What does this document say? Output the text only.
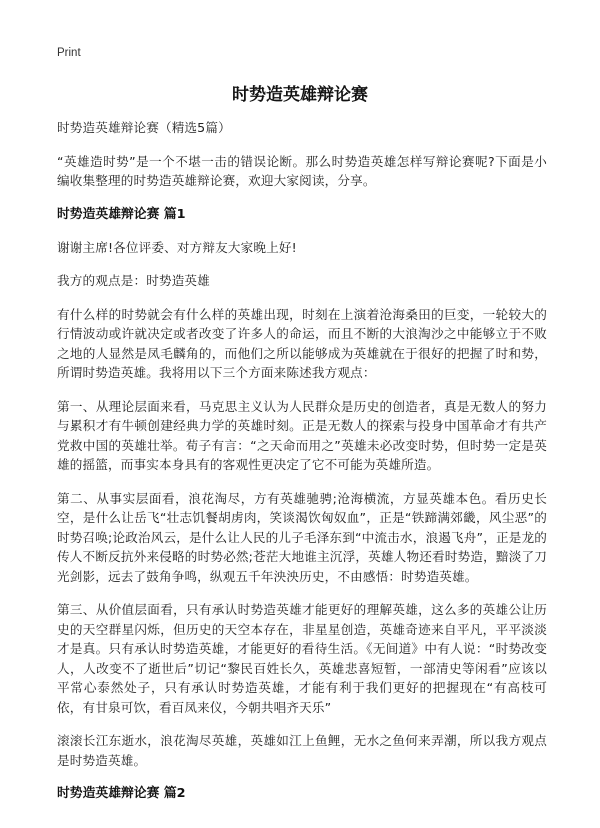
Print
时势造英雄辩论赛

时势造英雄辩论赛（精选5篇）

“英雄造时势”是一个不堪一击的错误论断。那么时势造英雄怎样写辩论赛呢?下面是小编收集整理的时势造英雄辩论赛，欢迎大家阅读，分享。

时势造英雄辩论赛 篇1

谢谢主席!各位评委、对方辩友大家晚上好!

我方的观点是：时势造英雄

有什么样的时势就会有什么样的英雄出现，时刻在上演着沧海桑田的巨变，一轮较大的行情波动或许就决定或者改变了许多人的命运，而且不断的大浪淘沙之中能够立于不败之地的人显然是凤毛麟角的，而他们之所以能够成为英雄就在于很好的把握了时和势，所谓时势造英雄。我将用以下三个方面来陈述我方观点：

第一、从理论层面来看，马克思主义认为人民群众是历史的创造者，真是无数人的努力与累积才有牛顿创建经典力学的英雄时刻。正是无数人的探索与投身中国革命才有共产党救中国的英雄壮举。荀子有言：“之天命而用之”英雄未必改变时势，但时势一定是英雄的摇篮，而事实本身具有的客观性更决定了它不可能为英雄所造。

第二、从事实层面看，浪花淘尽，方有英雄驰骋;沧海横流，方显英雄本色。看历史长空，是什么让岳飞“壮志饥餐胡虏肉，笑谈渴饮匈奴血”，正是“铁蹄满郊畿，风尘恶”的时势召唤;论政治风云，是什么让人民的儿子毛泽东到“中流击水，浪遏飞舟”，正是龙的传人不断反抗外来侵略的时势必然;苍茫大地谁主沉浮，英雄人物还看时势造，黯淡了刀光剑影，远去了鼓角争鸣，纵观五千年泱泱历史，不由感悟：时势造英雄。

第三、从价值层面看，只有承认时势造英雄才能更好的理解英雄，这么多的英雄公让历史的天空群星闪烁，但历史的天空本存在，非星星创造，英雄奇迹来自平凡，平平淡淡才是真。只有承认时势造英雄，才能更好的看待生活。《无间道》中有人说：“时势改变人，人改变不了逝世后”切记“黎民百姓长久，英雄悲喜短暂，一部清史等闲看”应该以平常心泰然处子，只有承认时势造英雄，才能有利于我们更好的把握现在“有高枝可依，有甘泉可饮，看百凤来仪，今朝共唱齐天乐”

滚滚长江东逝水，浪花淘尽英雄，英雄如江上鱼鲤，无水之鱼何来弄潮，所以我方观点是时势造英雄。

时势造英雄辩论赛 篇2
